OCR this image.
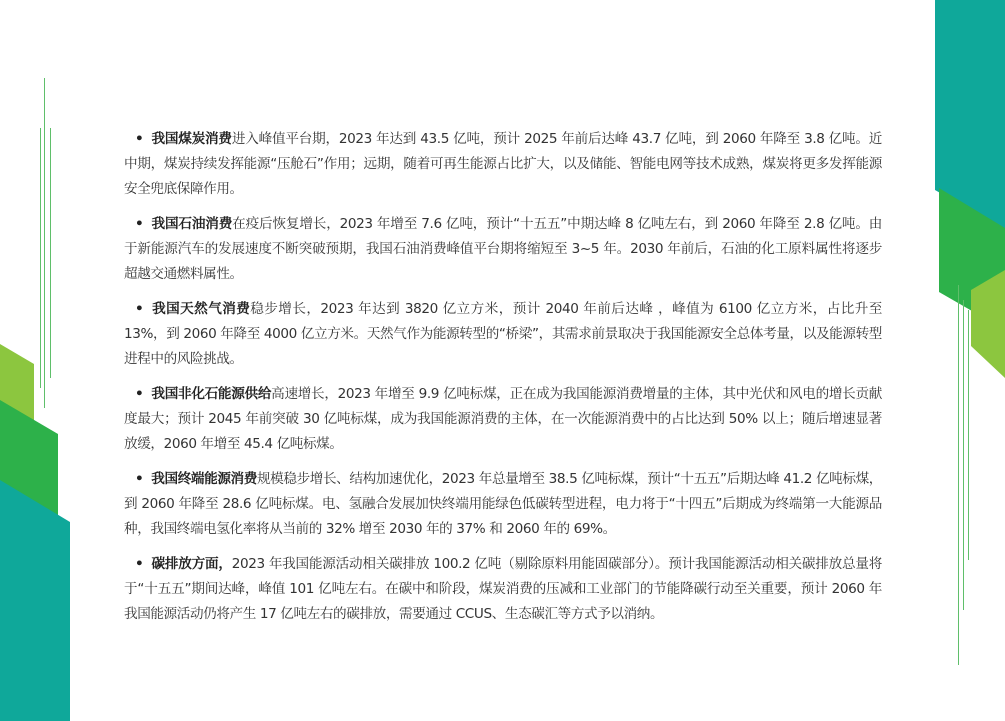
• 我国煤炭消费进入峰值平台期，2023 年达到 43.5 亿吨，预计 2025 年前后达峰 43.7 亿吨，到 2060 年降至 3.8 亿吨。近中期，煤炭持续发挥能源“压舱石”作用；远期，随着可再生能源占比扩大，以及储能、智能电网等技术成熟，煤炭将更多发挥能源安全兜底保障作用。

• 我国石油消费在疫后恢复增长，2023 年增至 7.6 亿吨，预计“十五五”中期达峰 8 亿吨左右，到 2060 年降至 2.8 亿吨。由于新能源汽车的发展速度不断突破预期，我国石油消费峰值平台期将缩短至 3~5 年。2030 年前后，石油的化工原料属性将逐步超越交通燃料属性。

• 我国天然气消费稳步增长，2023 年达到 3820 亿立方米，预计 2040 年前后达峰 ，峰值为 6100 亿立方米，占比升至 13%，到 2060 年降至 4000 亿立方米。天然气作为能源转型的“桥梁”，其需求前景取决于我国能源安全总体考量，以及能源转型进程中的风险挑战。

• 我国非化石能源供给高速增长，2023 年增至 9.9 亿吨标煤，正在成为我国能源消费增量的主体，其中光伏和风电的增长贡献度最大；预计 2045 年前突破 30 亿吨标煤，成为我国能源消费的主体，在一次能源消费中的占比达到 50% 以上；随后增速显著放缓，2060 年增至 45.4 亿吨标煤。

• 我国终端能源消费规模稳步增长、结构加速优化，2023 年总量增至 38.5 亿吨标煤，预计“十五五”后期达峰 41.2 亿吨标煤，到 2060 年降至 28.6 亿吨标煤。电、氢融合发展加快终端用能绿色低碳转型进程，电力将于“十四五”后期成为终端第一大能源品种，我国终端电氢化率将从当前的 32% 增至 2030 年的 37% 和 2060 年的 69%。

• 碳排放方面，2023 年我国能源活动相关碳排放 100.2 亿吨（剔除原料用能固碳部分）。预计我国能源活动相关碳排放总量将于“十五五”期间达峰，峰值 101 亿吨左右。在碳中和阶段，煤炭消费的压减和工业部门的节能降碳行动至关重要，预计 2060 年我国能源活动仍将产生 17 亿吨左右的碳排放，需要通过 CCUS、生态碳汇等方式予以消纳。
